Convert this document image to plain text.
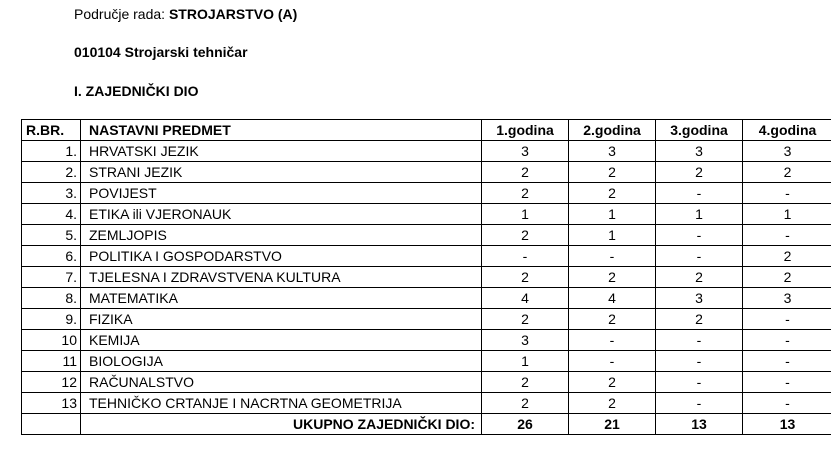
Područje rada: STROJARSTVO (A)
010104 Strojarski tehničar
I. ZAJEDNIČKI DIO
R.BR.	NASTAVNI PREDMET	1.godina	2.godina	3.godina	4.godina
1.	HRVATSKI JEZIK	3	3	3	3
2.	STRANI JEZIK	2	2	2	2
3.	POVIJEST	2	2	-	-
4.	ETIKA ili VJERONAUK	1	1	1	1
5.	ZEMLJOPIS	2	1	-	-
6.	POLITIKA I GOSPODARSTVO	-	-	-	2
7.	TJELESNA I ZDRAVSTVENA KULTURA	2	2	2	2
8.	MATEMATIKA	4	4	3	3
9.	FIZIKA	2	2	2	-
10	KEMIJA	3	-	-	-
11	BIOLOGIJA	1	-	-	-
12	RAČUNALSTVO	2	2	-	-
13	TEHNIČKO CRTANJE I NACRTNA GEOMETRIJA	2	2	-	-
	UKUPNO ZAJEDNIČKI DIO:	26	21	13	13
